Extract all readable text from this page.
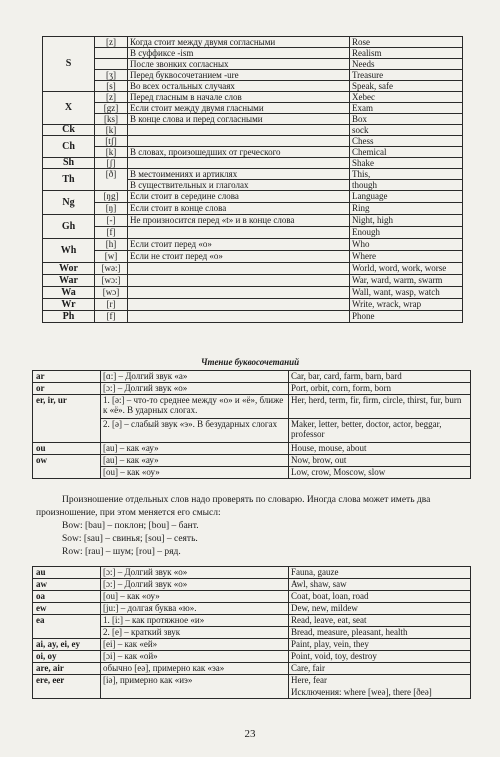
S	[z]	Когда стоит между двумя согласными	Rose
		В суффиксе -ism	Realism
		После звонких согласных	Needs
	[ʒ]	Перед буквосочетанием -ure	Treasure
	[s]	Во всех остальных случаях	Speak, safe
X	[z]	Перед гласным в начале слов	Xebec
	[gz]	Если стоит между двумя гласными	Exam
	[ks]	В конце слова и перед согласными	Box
Ck	[k]		sock
Ch	[tʃ]		Chess
	[k]	В словах, произошедших от греческого	Chemical
Sh	[ʃ]		Shake
Th	[ð]	В местоимениях и артиклях	This,
		В существительных и глаголах	though
Ng	[ŋg]	Если стоит в середине слова	Language
	[ŋ]	Если стоит в конце слова	Ring
Gh	[-]	Не произносится перед «t» и в конце слова	Night, high
	[f]		Enough
Wh	[h]	Если стоит перед «o»	Who
	[w]	Если не стоит перед «o»	Where
Wor	[wə:]		World, word, work, worse
War	[wɔ:]		War, ward, warm, swarm
Wa	[wɔ]		Wall, want, wasp, watch
Wr	[r]		Write, wrack, wrap
Ph	[f]		Phone
Чтение буквосочетаний
ar	[ɑ:] – Долгий звук «а»	Car, bar, card, farm, barn, bard
or	[ɔ:] – Долгий звук «о»	Port, orbit, corn, form, born
er, ir, ur	1. [ə:] – что-то среднее между «о» и «ё», ближе к «ё». В ударных слогах.	Her, herd, term, fir, firm, circle, thirst, fur, burn
	2. [ə] – слабый звук «э». В безударных слогах	Maker, letter, better, doctor, actor, beggar, professor
ou	[au] – как «ау»	House, mouse, about
ow	[au] – как «ау»	Now, brow, out
	[ou] – как «оу»	Low, crow, Moscow, slow

Произношение отдельных слов надо проверять по словарю. Иногда слова может иметь два произношение, при этом меняется его смысл:

Bow: [bau] – поклон; [bou] – бант.

Sow: [sau] – свинья; [sou] – сеять.

Row: [rau] – шум; [rou] – ряд.

au	[ɔ:] – Долгий звук «о»	Fauna, gauze
aw	[ɔ:] – Долгий звук «о»	Awl, shaw, saw
oa	[ou] – как «оу»	Coat, boat, loan, road
ew	[ju:] – долгая буква «ю».	Dew, new, mildew
ea	1. [i:] – как протяжное «и»	Read, leave, eat, seat
	2. [e] – краткий звук	Bread, measure, pleasant, health
ai, ay, ei, ey	[ei] – как «ей»	Paint, play, vein, they
oi, oy	[ɔi] – как «ой»	Point, void, toy, destroy
are, air	обычно [eə], примерно как «эа»	Care, fair
ere, eer	[iə], примерно как «иэ»	Here, fear
		Исключения: where [weə], there [ðeə]
23
